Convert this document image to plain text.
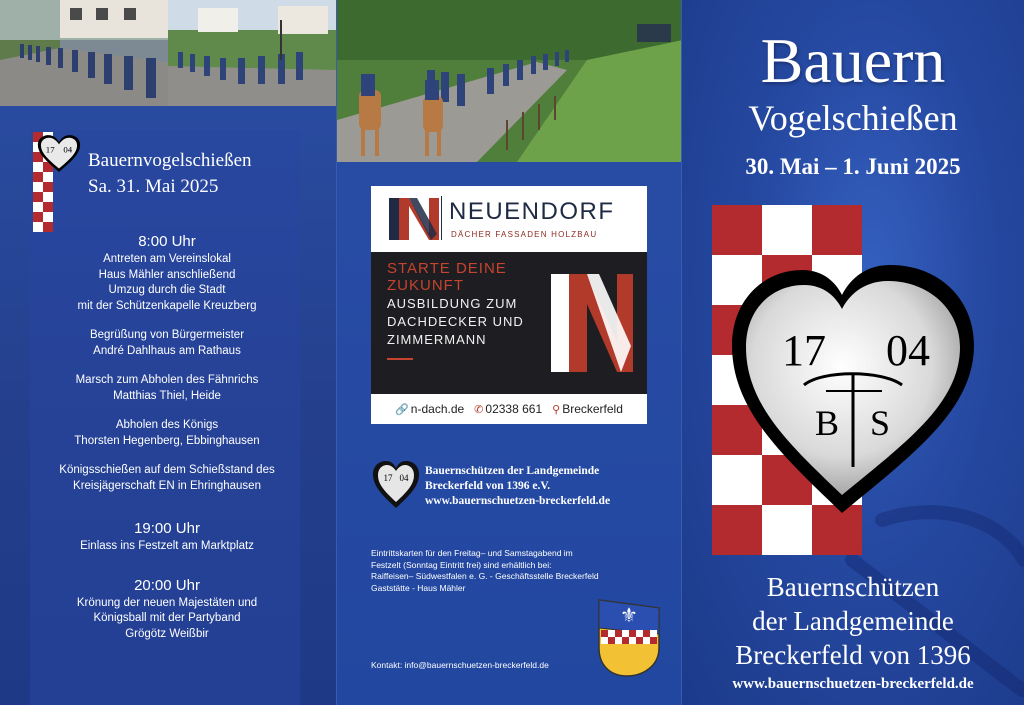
17 04
Bauernvogelschießen
Sa. 31. Mai 2025
8:00 Uhr
Antreten am Vereinslokal
Haus Mähler anschließend
Umzug durch die Stadt
mit der Schützenkapelle Kreuzberg
Begrüßung von Bürgermeister
André Dahlhaus am Rathaus
Marsch zum Abholen des Fähnrichs
Matthias Thiel, Heide
Abholen des Königs
Thorsten Hegenberg, Ebbinghausen
Königsschießen auf dem Schießstand des
Kreisjägerschaft EN in Ehringhausen
19:00 Uhr
Einlass ins Festzelt am Marktplatz
20:00 Uhr
Krönung der neuen Majestäten und
Königsball mit der Partyband
Grögötz Weißbir
NEUENDORF
DÄCHER FASSADEN HOLZBAU
STARTE DEINE
ZUKUNFT
AUSBILDUNG ZUM
DACHDECKER UND
ZIMMERMANN
🔗 n-dach.de ✆ 02338 661 ⚲ Breckerfeld
17 04
Bauernschützen der Landgemeinde
Breckerfeld von 1396 e.V.
www.bauernschuetzen-breckerfeld.de
Eintrittskarten für den Freitag– und Samstagabend im
Festzelt (Sonntag Eintritt frei) sind erhältlich bei:
Raiffeisen– Südwestfalen e. G. - Geschäftsstelle Breckerfeld
Gaststätte - Haus Mähler
⚜
Kontakt: info@bauernschuetzen-breckerfeld.de
Bauern
Vogelschießen
30. Mai – 1. Juni 2025
17 04
B S
Bauernschützen
der Landgemeinde
Breckerfeld von 1396
www.bauernschuetzen-breckerfeld.de
